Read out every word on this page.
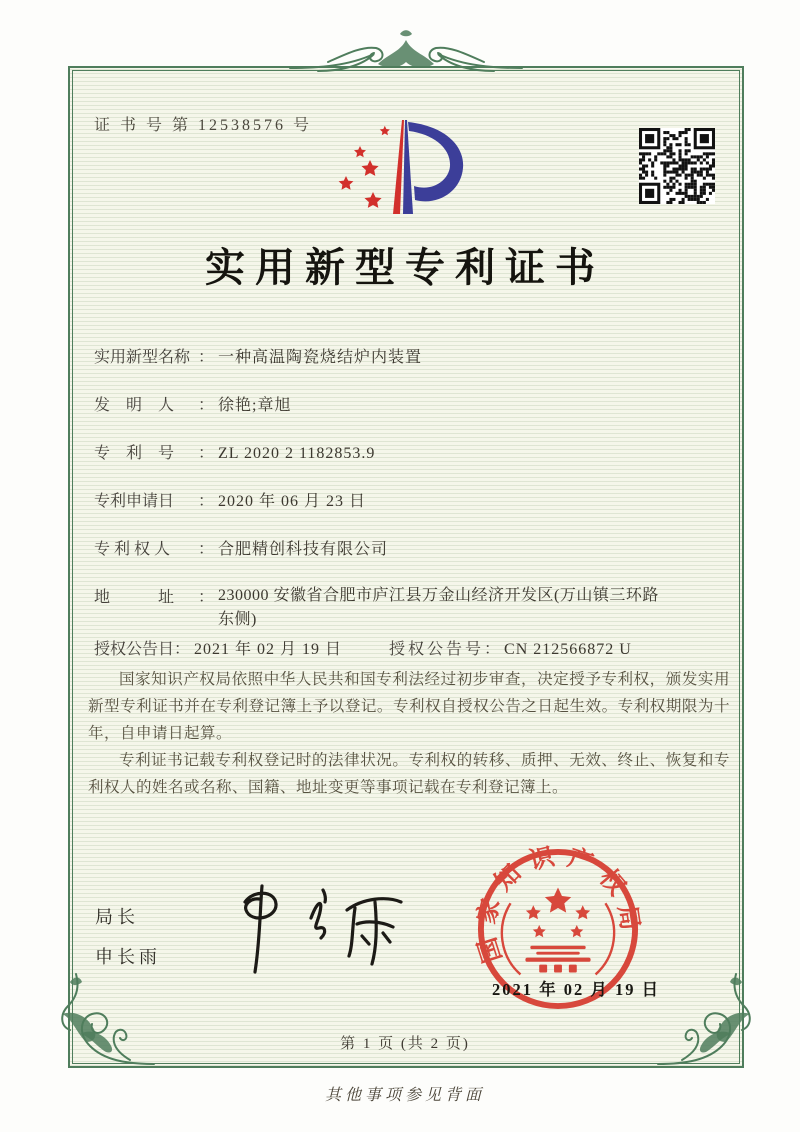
证 书 号 第 12538576 号
实用新型专利证书
实用新型名称 ： 一种高温陶瓷烧结炉内装置
发　明　人 ： 徐艳;章旭
专　利　号 ： ZL 2020 2 1182853.9
专利申请日 ： 2020 年 06 月 23 日
专 利 权 人 ： 合肥精创科技有限公司
地　　　址 ： 230000 安徽省合肥市庐江县万金山经济开发区(万山镇三环路东侧)
授权公告日： 2021 年 02 月 19 日	授权公告号： CN 212566872 U

国家知识产权局依照中华人民共和国专利法经过初步审查，决定授予专利权，颁发实用新型专利证书并在专利登记簿上予以登记。专利权自授权公告之日起生效。专利权期限为十年，自申请日起算。

专利证书记载专利权登记时的法律状况。专利权的转移、质押、无效、终止、恢复和专利权人的姓名或名称、国籍、地址变更等事项记载在专利登记簿上。

局长
申长雨	国家知识产权局
2021 年 02 月 19 日
第 1 页 (共 2 页)
其他事项参见背面
